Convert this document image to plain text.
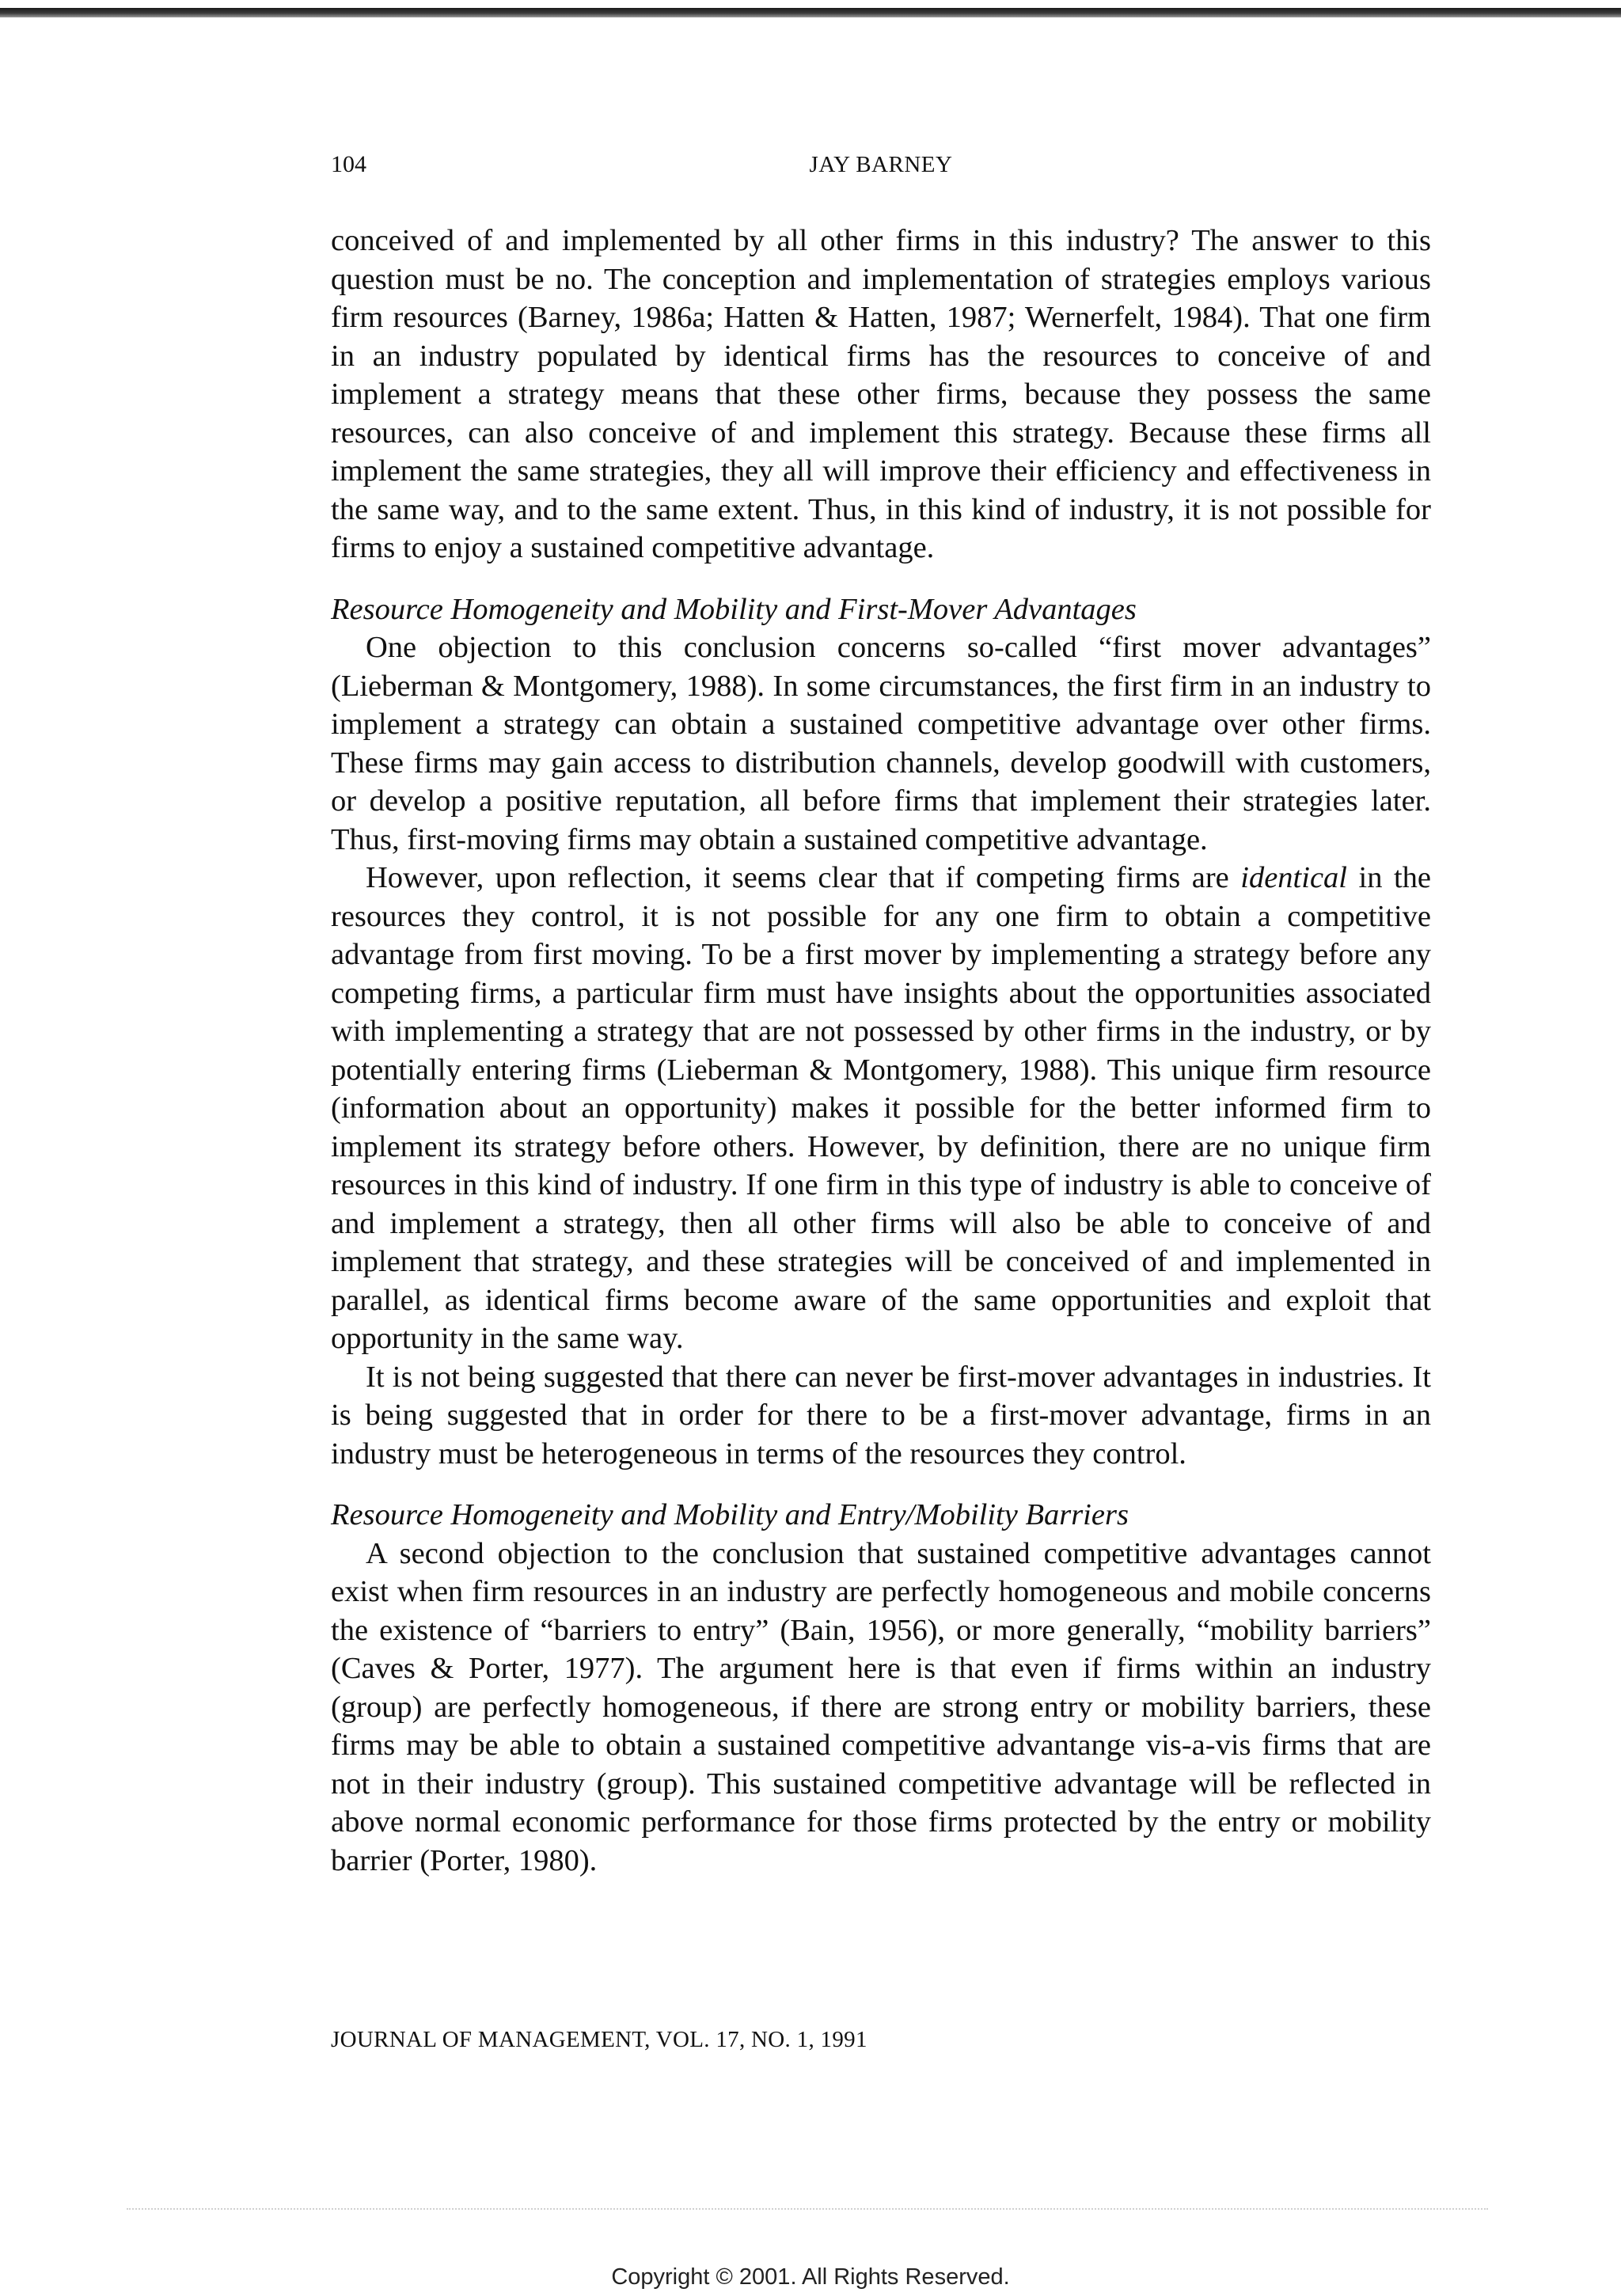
104	JAY BARNEY

conceived of and implemented by all other firms in this industry? The answer to this question must be no. The conception and implementation of strategies employs various firm resources (Barney, 1986a; Hatten & Hatten, 1987; Wernerfelt, 1984). That one firm in an industry populated by identical firms has the resources to conceive of and implement a strategy means that these other firms, because they possess the same resources, can also conceive of and implement this strategy. Because these firms all implement the same strategies, they all will improve their efficiency and effectiveness in the same way, and to the same extent. Thus, in this kind of industry, it is not possible for firms to enjoy a sustained competitive advantage.

Resource Homogeneity and Mobility and First-Mover Advantages

One objection to this conclusion concerns so-called “first mover advantages” (Lieberman & Montgomery, 1988). In some circumstances, the first firm in an industry to implement a strategy can obtain a sustained competitive advantage over other firms. These firms may gain access to distribution channels, develop goodwill with customers, or develop a positive reputation, all before firms that implement their strategies later. Thus, first-moving firms may obtain a sustained competitive advantage.

However, upon reflection, it seems clear that if competing firms are identical in the resources they control, it is not possible for any one firm to obtain a competitive advantage from first moving. To be a first mover by implementing a strategy before any competing firms, a particular firm must have insights about the opportunities associated with implementing a strategy that are not possessed by other firms in the industry, or by potentially entering firms (Lieberman & Montgomery, 1988). This unique firm resource (information about an opportunity) makes it possible for the better informed firm to implement its strategy before others. However, by definition, there are no unique firm resources in this kind of industry. If one firm in this type of industry is able to conceive of and implement a strategy, then all other firms will also be able to conceive of and implement that strategy, and these strategies will be conceived of and implemented in parallel, as identical firms become aware of the same opportunities and exploit that opportunity in the same way.

It is not being suggested that there can never be first-mover advantages in industries. It is being suggested that in order for there to be a first-mover advantage, firms in an industry must be heterogeneous in terms of the resources they control.

Resource Homogeneity and Mobility and Entry/Mobility Barriers

A second objection to the conclusion that sustained competitive advantages cannot exist when firm resources in an industry are perfectly homogeneous and mobile concerns the existence of “barriers to entry” (Bain, 1956), or more generally, “mobility barriers” (Caves & Porter, 1977). The argument here is that even if firms within an industry (group) are perfectly homogeneous, if there are strong entry or mobility barriers, these firms may be able to obtain a sustained competitive advantange vis-a-vis firms that are not in their industry (group). This sustained competitive advantage will be reflected in above normal economic performance for those firms protected by the entry or mobility barrier (Porter, 1980).

JOURNAL OF MANAGEMENT, VOL. 17, NO. 1, 1991
Copyright © 2001. All Rights Reserved.
